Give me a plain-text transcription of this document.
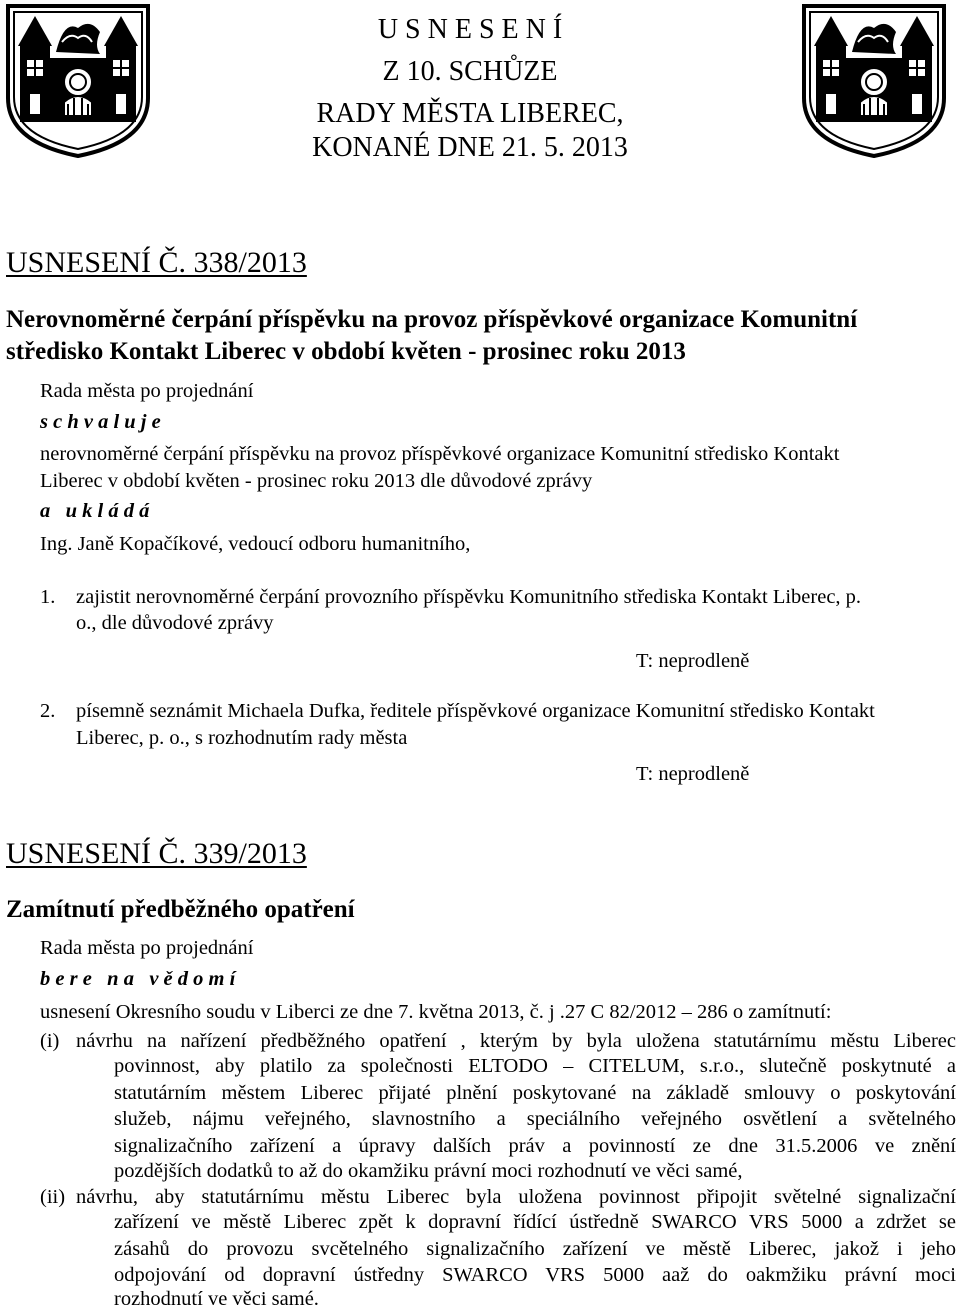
U S N E S E N Í
Z 10. SCHŮZE
RADY MĚSTA LIBEREC,
KONANÉ DNE 21. 5. 2013
USNESENÍ Č. 338/2013
Nerovnoměrné čerpání příspěvku na provoz příspěvkové organizace Komunitní
středisko Kontakt Liberec v období květen - prosinec roku 2013
Rada města po projednání
s c h v a l u j e
nerovnoměrné čerpání příspěvku na provoz příspěvkové organizace Komunitní středisko Kontakt
Liberec v období květen - prosinec roku 2013 dle důvodové zprávy
a   u k l á d á
Ing. Janě Kopačíkové, vedoucí odboru humanitního,
1. zajistit nerovnoměrné čerpání provozního příspěvku Komunitního střediska Kontakt Liberec, p.
o., dle důvodové zprávy
T: neprodleně
2. písemně seznámit Michaela Dufka, ředitele příspěvkové organizace Komunitní středisko Kontakt
Liberec, p. o., s rozhodnutím rady města
T: neprodleně
USNESENÍ Č. 339/2013
Zamítnutí předběžného opatření
Rada města po projednání
b e r e   n a   v ě d o m í
usnesení Okresního soudu v Liberci ze dne 7. května 2013, č. j .27 C 82/2012 – 286 o zamítnutí:
(i) návrhu na nařízení předběžného opatření , kterým by byla uložena statutárnímu městu Liberec
povinnost, aby platilo za společnosti ELTODO – CITELUM, s.r.o., slutečně poskytnuté a
statutárním městem Liberec přijaté plnění poskytované na základě smlouvy o poskytování
služeb, nájmu veřejného, slavnostního a speciálního veřejného osvětlení a světelného
signalizačního zařízení a úpravy dalších práv a povinností ze dne 31.5.2006 ve znění
pozdějších dodatků to až do okamžiku právní moci rozhodnutí ve věci samé,
(ii) návrhu, aby statutárnímu městu Liberec byla uložena povinnost připojit světelné signalizační
zařízení ve městě Liberec zpět k dopravní řídící ústředně SWARCO VRS 5000 a zdržet se
zásahů do provozu svcětelného signalizačního zařízení ve městě Liberec, jakož i jeho
odpojování od dopravní ústředny SWARCO VRS 5000 aaž do oakmžiku právní moci
rozhodnutí ve věci samé.
